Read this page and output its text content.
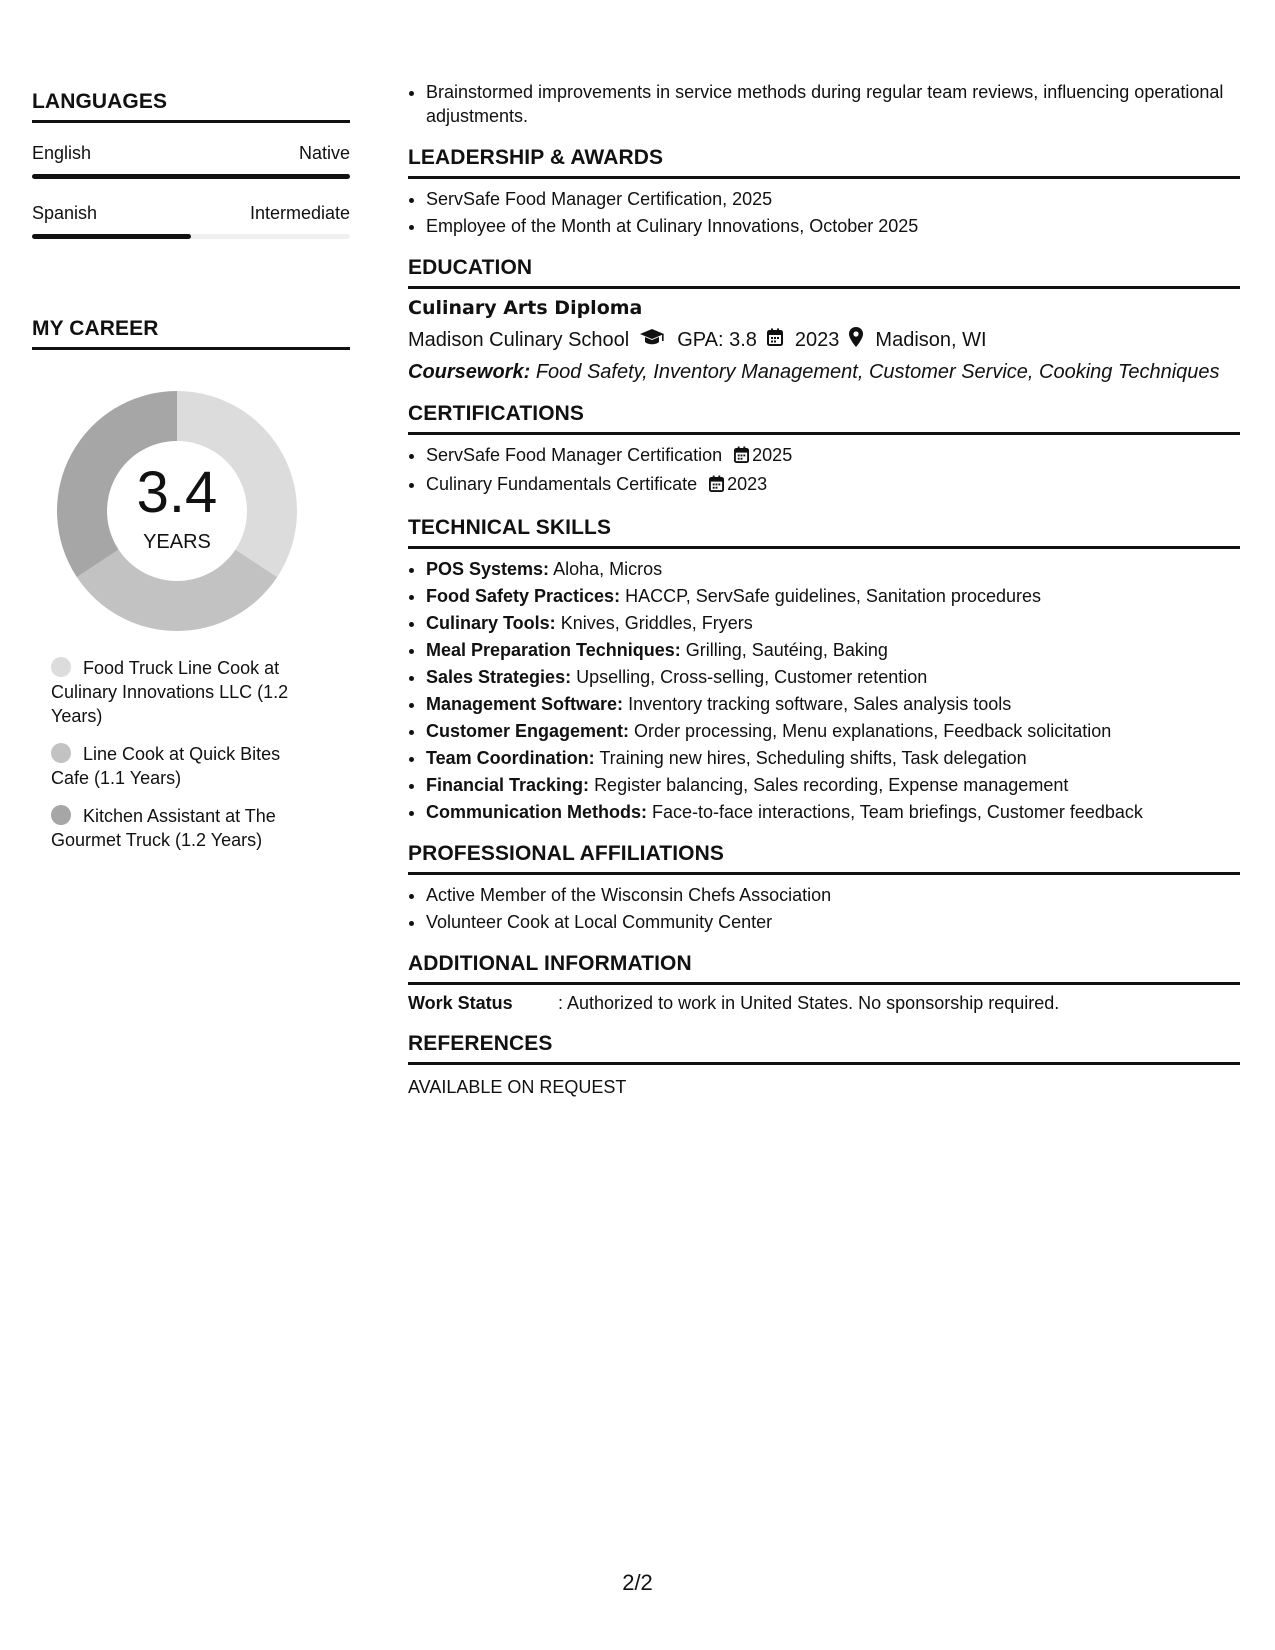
LANGUAGES
English	Native
Spanish	Intermediate
MY CAREER
3.4
YEARS
Food Truck Line Cook at Culinary Innovations LLC (1.2 Years)
Line Cook at Quick Bites Cafe (1.1 Years)
Kitchen Assistant at The Gourmet Truck (1.2 Years)
• Brainstormed improvements in service methods during regular team reviews, influencing operational adjustments.
LEADERSHIP & AWARDS
• ServSafe Food Manager Certification, 2025
• Employee of the Month at Culinary Innovations, October 2025
EDUCATION
Culinary Arts Diploma
Madison Culinary School GPA: 3.8 2023 Madison, WI
Coursework: Food Safety, Inventory Management, Customer Service, Cooking Techniques
CERTIFICATIONS
• ServSafe Food Manager Certification 2025
• Culinary Fundamentals Certificate 2023
TECHNICAL SKILLS
• POS Systems: Aloha, Micros
• Food Safety Practices: HACCP, ServSafe guidelines, Sanitation procedures
• Culinary Tools: Knives, Griddles, Fryers
• Meal Preparation Techniques: Grilling, Sautéing, Baking
• Sales Strategies: Upselling, Cross-selling, Customer retention
• Management Software: Inventory tracking software, Sales analysis tools
• Customer Engagement: Order processing, Menu explanations, Feedback solicitation
• Team Coordination: Training new hires, Scheduling shifts, Task delegation
• Financial Tracking: Register balancing, Sales recording, Expense management
• Communication Methods: Face-to-face interactions, Team briefings, Customer feedback
PROFESSIONAL AFFILIATIONS
• Active Member of the Wisconsin Chefs Association
• Volunteer Cook at Local Community Center
ADDITIONAL INFORMATION
Work Status	: Authorized to work in United States. No sponsorship required.
REFERENCES
AVAILABLE ON REQUEST
2/2
